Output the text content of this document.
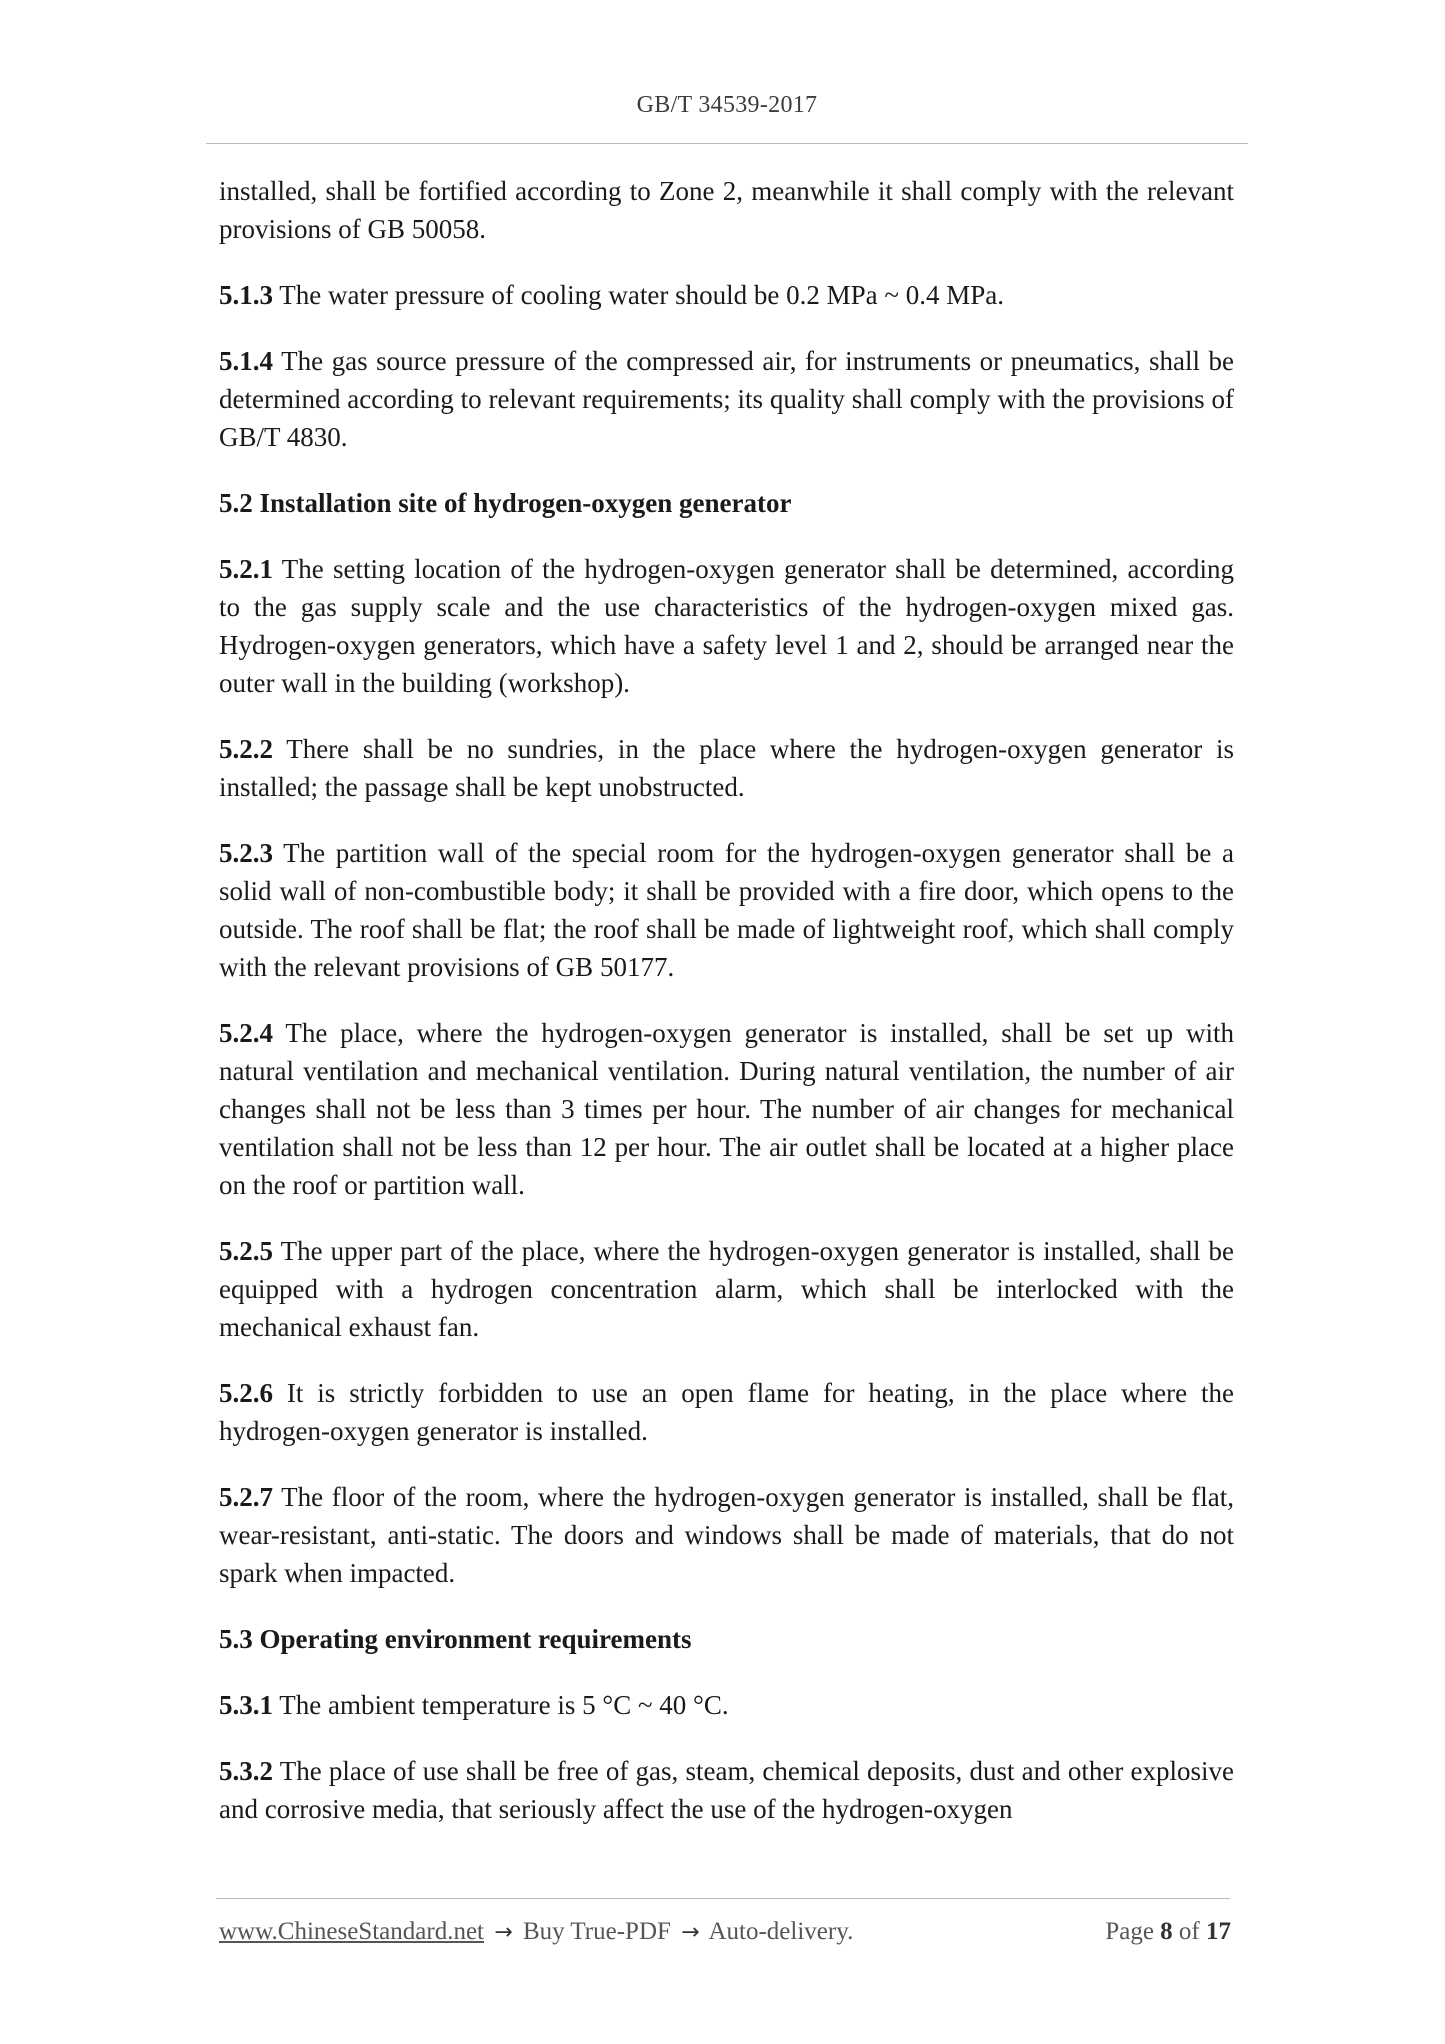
GB/T 34539-2017

installed, shall be fortified according to Zone 2, meanwhile it shall comply with the relevant provisions of GB 50058.

5.1.3 The water pressure of cooling water should be 0.2 MPa ~ 0.4 MPa.

5.1.4 The gas source pressure of the compressed air, for instruments or pneumatics, shall be determined according to relevant requirements; its quality shall comply with the provisions of GB/T 4830.

5.2 Installation site of hydrogen-oxygen generator

5.2.1 The setting location of the hydrogen-oxygen generator shall be determined, according to the gas supply scale and the use characteristics of the hydrogen-oxygen mixed gas. Hydrogen-oxygen generators, which have a safety level 1 and 2, should be arranged near the outer wall in the building (workshop).

5.2.2 There shall be no sundries, in the place where the hydrogen-oxygen generator is installed; the passage shall be kept unobstructed.

5.2.3 The partition wall of the special room for the hydrogen-oxygen generator shall be a solid wall of non-combustible body; it shall be provided with a fire door, which opens to the outside. The roof shall be flat; the roof shall be made of lightweight roof, which shall comply with the relevant provisions of GB 50177.

5.2.4 The place, where the hydrogen-oxygen generator is installed, shall be set up with natural ventilation and mechanical ventilation. During natural ventilation, the number of air changes shall not be less than 3 times per hour. The number of air changes for mechanical ventilation shall not be less than 12 per hour. The air outlet shall be located at a higher place on the roof or partition wall.

5.2.5 The upper part of the place, where the hydrogen-oxygen generator is installed, shall be equipped with a hydrogen concentration alarm, which shall be interlocked with the mechanical exhaust fan.

5.2.6 It is strictly forbidden to use an open flame for heating, in the place where the hydrogen-oxygen generator is installed.

5.2.7 The floor of the room, where the hydrogen-oxygen generator is installed, shall be flat, wear-resistant, anti-static. The doors and windows shall be made of materials, that do not spark when impacted.

5.3 Operating environment requirements

5.3.1 The ambient temperature is 5 °C ~ 40 °C.

5.3.2 The place of use shall be free of gas, steam, chemical deposits, dust and other explosive and corrosive media, that seriously affect the use of the hydrogen-oxygen

www.ChineseStandard.net → Buy True-PDF → Auto-delivery.	Page 8 of 17
